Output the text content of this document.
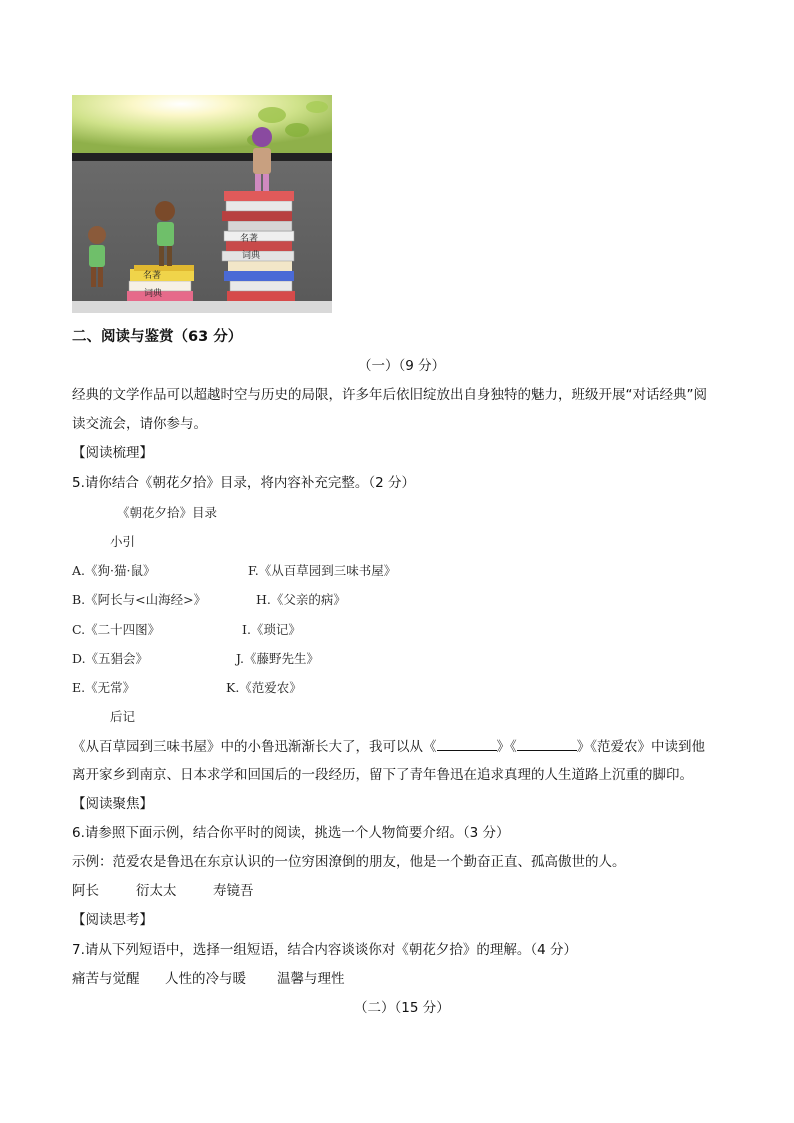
名著
词典
名著
词典
二、阅读与鉴赏（63 分）
（一）（9 分）
经典的文学作品可以超越时空与历史的局限，许多年后依旧绽放出自身独特的魅力，班级开展“对话经典”阅
读交流会，请你参与。
【阅读梳理】
5.请你结合《朝花夕拾》目录，将内容补充完整。（2 分）
《朝花夕拾》目录
小引
A.《狗·猫·鼠》	F.《从百草园到三味书屋》
B.《阿长与<山海经>》	H.《父亲的病》
C.《二十四图》	I.《琐记》
D.《五猖会》	J.《藤野先生》
E.《无常》	K.《范爱农》
后记
《从百草园到三味书屋》中的小鲁迅渐渐长大了，我可以从《	》《	》《范爱农》中读到他
离开家乡到南京、日本求学和回国后的一段经历，留下了青年鲁迅在追求真理的人生道路上沉重的脚印。
【阅读聚焦】
6.请参照下面示例，结合你平时的阅读，挑选一个人物简要介绍。（3 分）
示例：范爱农是鲁迅在东京认识的一位穷困潦倒的朋友，他是一个勤奋正直、孤高傲世的人。
阿长	衍太太	寿镜吾
【阅读思考】
7.请从下列短语中，选择一组短语，结合内容谈谈你对《朝花夕拾》的理解。（4 分）
痛苦与觉醒 人性的冷与暖 温馨与理性
（二）（15 分）
